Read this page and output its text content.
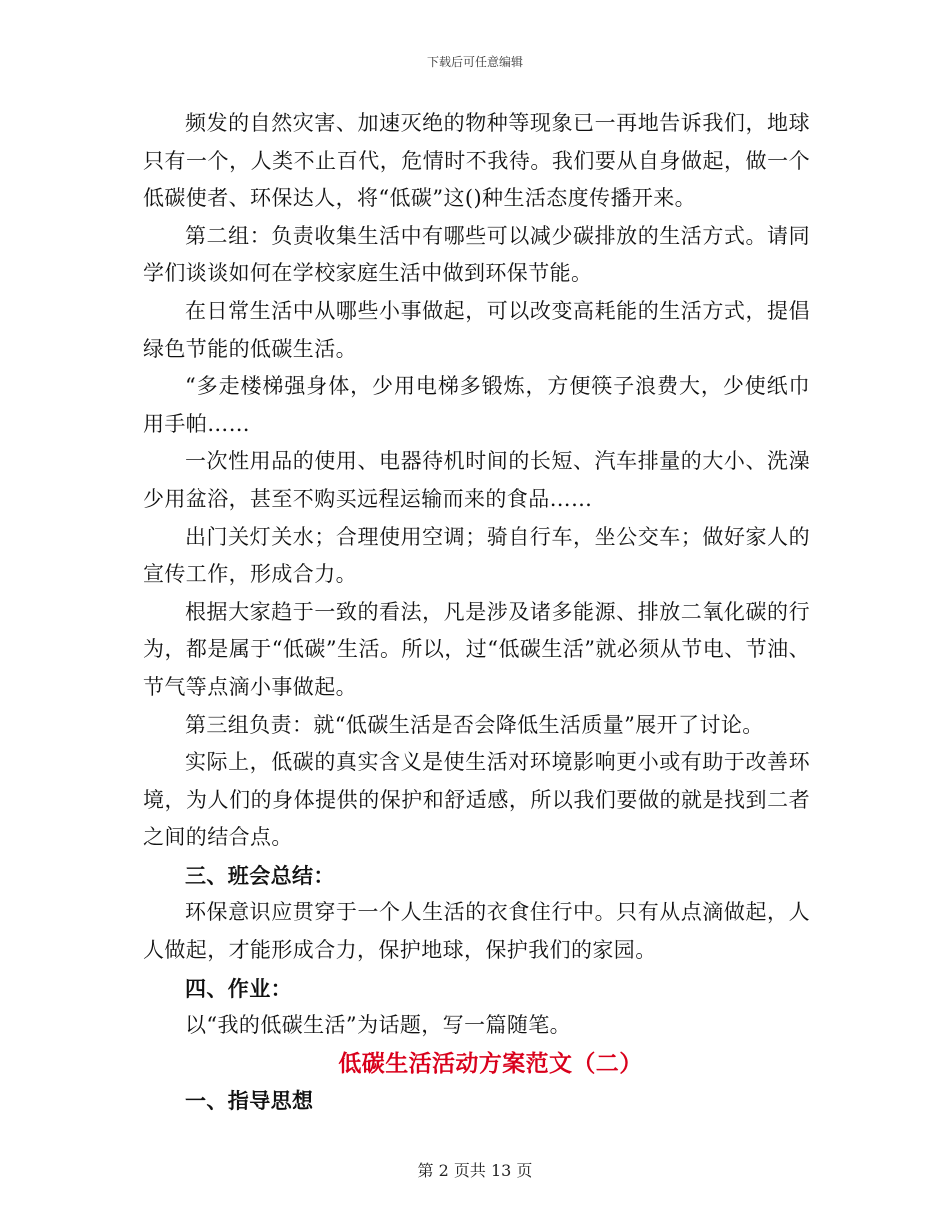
下载后可任意编辑

频发的自然灾害、加速灭绝的物种等现象已一再地告诉我们，地球只有一个，人类不止百代，危情时不我待。我们要从自身做起，做一个低碳使者、环保达人，将“低碳”这()种生活态度传播开来。

第二组：负责收集生活中有哪些可以减少碳排放的生活方式。请同学们谈谈如何在学校家庭生活中做到环保节能。

在日常生活中从哪些小事做起，可以改变高耗能的生活方式，提倡绿色节能的低碳生活。

“多走楼梯强身体，少用电梯多锻炼，方便筷子浪费大，少使纸巾用手帕……

一次性用品的使用、电器待机时间的长短、汽车排量的大小、洗澡少用盆浴，甚至不购买远程运输而来的食品……

出门关灯关水；合理使用空调；骑自行车，坐公交车；做好家人的宣传工作，形成合力。

根据大家趋于一致的看法，凡是涉及诸多能源、排放二氧化碳的行为，都是属于“低碳”生活。所以，过“低碳生活”就必须从节电、节油、节气等点滴小事做起。

第三组负责：就“低碳生活是否会降低生活质量”展开了讨论。

实际上，低碳的真实含义是使生活对环境影响更小或有助于改善环境，为人们的身体提供的保护和舒适感，所以我们要做的就是找到二者之间的结合点。

三、班会总结：

环保意识应贯穿于一个人生活的衣食住行中。只有从点滴做起，人人做起，才能形成合力，保护地球，保护我们的家园。

四、作业：

以“我的低碳生活”为话题，写一篇随笔。

低碳生活活动方案范文（二）

一、指导思想

第 2 页共 13 页
